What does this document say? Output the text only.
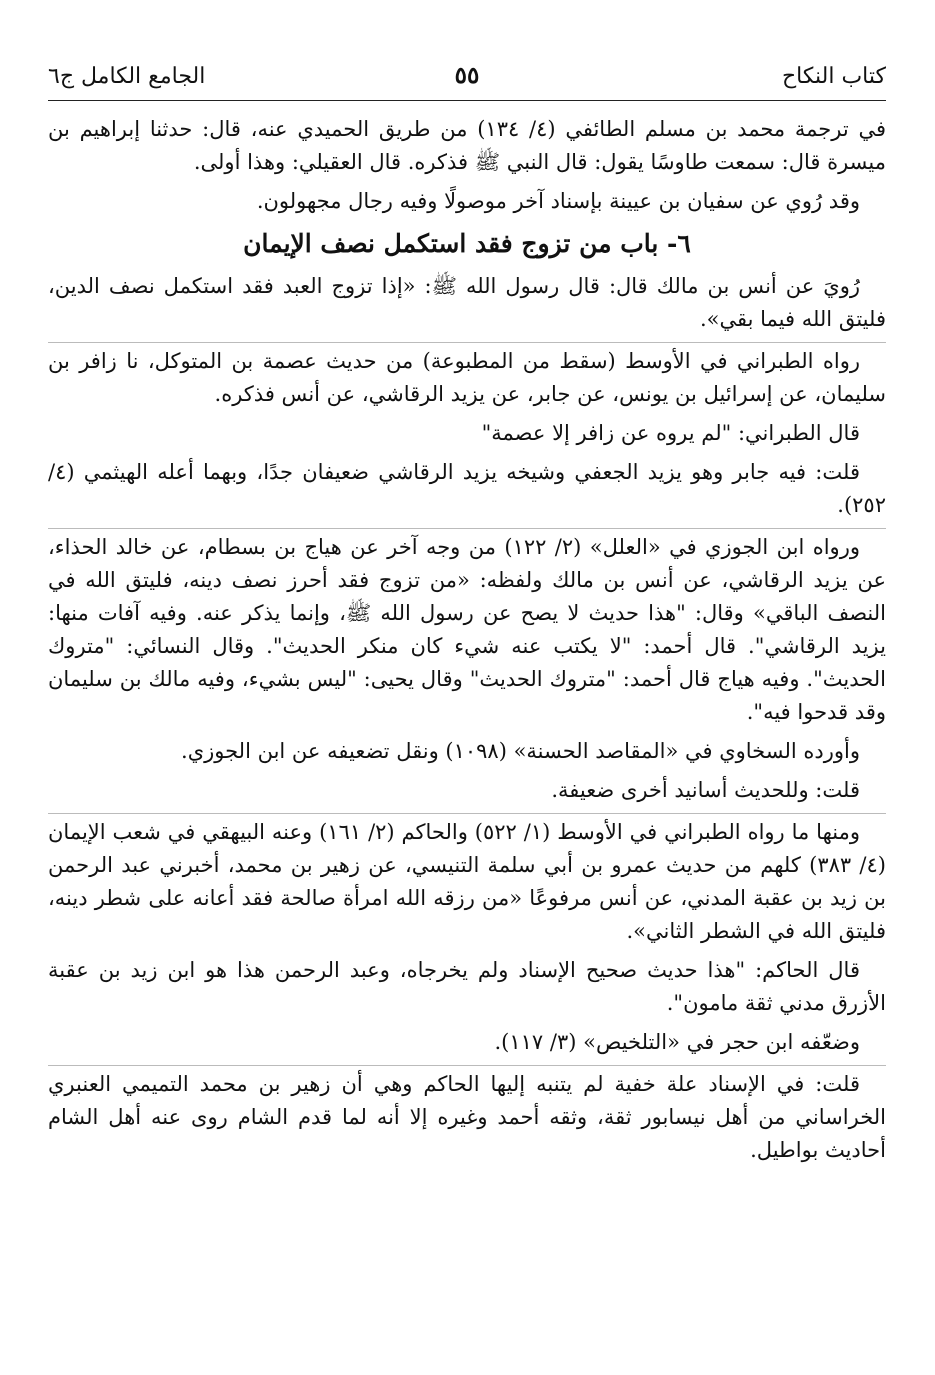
كتاب النكاح
٥٥
الجامع الكامل ج٦

في ترجمة محمد بن مسلم الطائفي (٤/ ١٣٤) من طريق الحميدي عنه، قال: حدثنا إبراهيم بن ميسرة قال: سمعت طاوسًا يقول: قال النبي ﷺ فذكره. قال العقيلي: وهذا أولى.

وقد رُوي عن سفيان بن عيينة بإسناد آخر موصولًا وفيه رجال مجهولون.

٦- باب من تزوج فقد استكمل نصف الإيمان

رُويَ عن أنس بن مالك قال: قال رسول الله ﷺ: «إذا تزوج العبد فقد استكمل نصف الدين، فليتق الله فيما بقي».

رواه الطبراني في الأوسط (سقط من المطبوعة) من حديث عصمة بن المتوكل، نا زافر بن سليمان، عن إسرائيل بن يونس، عن جابر، عن يزيد الرقاشي، عن أنس فذكره.

قال الطبراني: "لم يروه عن زافر إلا عصمة"

قلت: فيه جابر وهو يزيد الجعفي وشيخه يزيد الرقاشي ضعيفان جدًا، وبهما أعله الهيثمي (٤/ ٢٥٢).

ورواه ابن الجوزي في «العلل» (٢/ ١٢٢) من وجه آخر عن هياج بن بسطام، عن خالد الحذاء، عن يزيد الرقاشي، عن أنس بن مالك ولفظه: «من تزوج فقد أحرز نصف دينه، فليتق الله في النصف الباقي» وقال: "هذا حديث لا يصح عن رسول الله ﷺ، وإنما يذكر عنه. وفيه آفات منها: يزيد الرقاشي". قال أحمد: "لا يكتب عنه شيء كان منكر الحديث". وقال النسائي: "متروك الحديث". وفيه هياج قال أحمد: "متروك الحديث" وقال يحيى: "ليس بشيء، وفيه مالك بن سليمان وقد قدحوا فيه".

وأورده السخاوي في «المقاصد الحسنة» (١٠٩٨) ونقل تضعيفه عن ابن الجوزي.

قلت: وللحديث أسانيد أخرى ضعيفة.

ومنها ما رواه الطبراني في الأوسط (١/ ٥٢٢) والحاكم (٢/ ١٦١) وعنه البيهقي في شعب الإيمان (٤/ ٣٨٣) كلهم من حديث عمرو بن أبي سلمة التنيسي، عن زهير بن محمد، أخبرني عبد الرحمن بن زيد بن عقبة المدني، عن أنس مرفوعًا «من رزقه الله امرأة صالحة فقد أعانه على شطر دينه، فليتق الله في الشطر الثاني».

قال الحاكم: "هذا حديث صحيح الإسناد ولم يخرجاه، وعبد الرحمن هذا هو ابن زيد بن عقبة الأزرق مدني ثقة مامون".

وضعّفه ابن حجر في «التلخيص» (٣/ ١١٧).

قلت: في الإسناد علة خفية لم يتنبه إليها الحاكم وهي أن زهير بن محمد التميمي العنبري الخراساني من أهل نيسابور ثقة، وثقه أحمد وغيره إلا أنه لما قدم الشام روى عنه أهل الشام أحاديث بواطيل.
